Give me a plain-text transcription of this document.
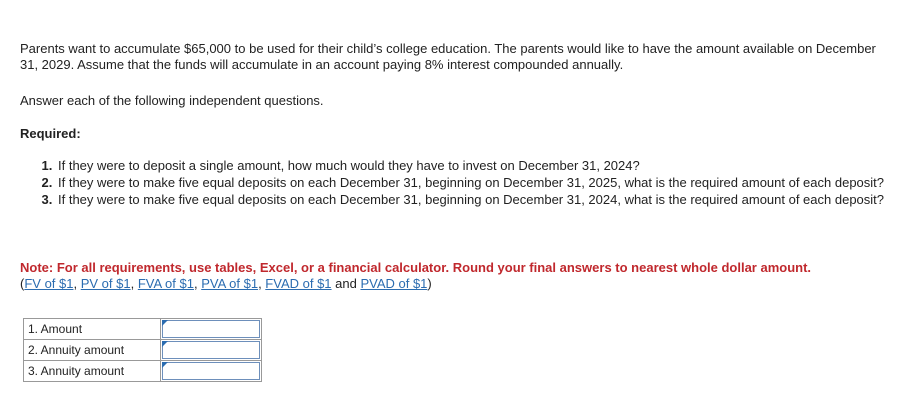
Parents want to accumulate $65,000 to be used for their child’s college education. The parents would like to have the amount available on December 31, 2029. Assume that the funds will accumulate in an account paying 8% interest compounded annually.

Answer each of the following independent questions.

Required:

1. If they were to deposit a single amount, how much would they have to invest on December 31, 2024?
2. If they were to make five equal deposits on each December 31, beginning on December 31, 2025, what is the required amount of each deposit?
3. If they were to make five equal deposits on each December 31, beginning on December 31, 2024, what is the required amount of each deposit?

Note: For all requirements, use tables, Excel, or a financial calculator. Round your final answers to nearest whole dollar amount.

(FV of $1, PV of $1, FVA of $1, PVA of $1, FVAD of $1 and PVAD of $1)

1. Amount	

2. Annuity amount	

3. Annuity amount	
